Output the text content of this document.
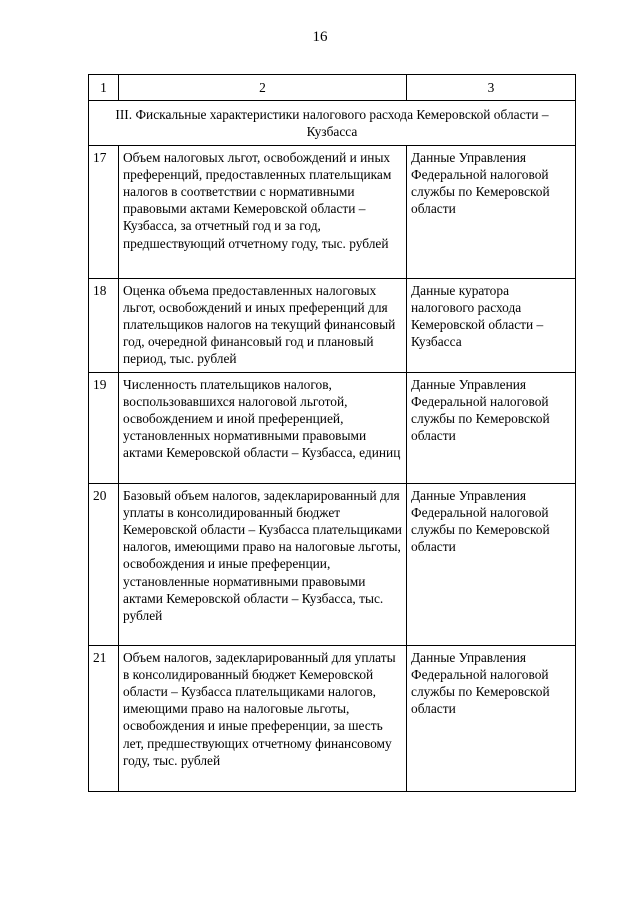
16
1	2	3
III. Фискальные характеристики налогового расхода Кемеровской области – Кузбасса		
17	Объем налоговых льгот, освобождений и иных преференций, предоставленных плательщикам налогов в соответствии с нормативными правовыми актами Кемеровской области – Кузбасса, за отчетный год и за год, предшествующий отчетному году, тыс. рублей	Данные Управления Федеральной налоговой службы по Кемеровской области
18	Оценка объема предоставленных налоговых льгот, освобождений и иных преференций для плательщиков налогов на текущий финансовый год, очередной финансовый год и плановый период, тыс. рублей	Данные куратора налогового расхода Кемеровской области – Кузбасса
19	Численность плательщиков налогов, воспользовавшихся налоговой льготой, освобождением и иной преференцией, установленных нормативными правовыми актами Кемеровской области – Кузбасса, единиц	Данные Управления Федеральной налоговой службы по Кемеровской области
20	Базовый объем налогов, задекларированный для уплаты в консолидированный бюджет Кемеровской области – Кузбасса плательщиками налогов, имеющими право на налоговые льготы, освобождения и иные преференции, установленные нормативными правовыми актами Кемеровской области – Кузбасса, тыс. рублей	Данные Управления Федеральной налоговой службы по Кемеровской области
21	Объем налогов, задекларированный для уплаты в консолидированный бюджет Кемеровской области – Кузбасса плательщиками налогов, имеющими право на налоговые льготы, освобождения и иные преференции, за шесть лет, предшествующих отчетному финансовому году, тыс. рублей	Данные Управления Федеральной налоговой службы по Кемеровской области
